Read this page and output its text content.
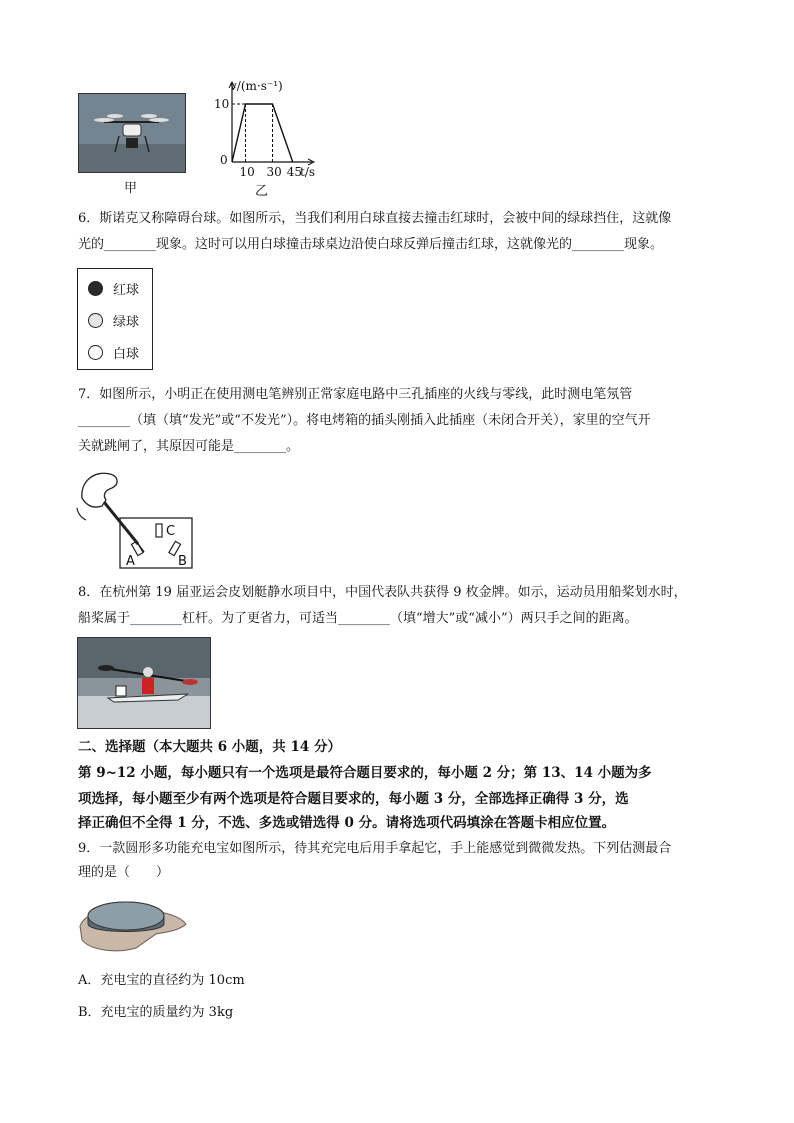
甲
v/(m·s⁻¹)
10
0
10 30 45
t/s
乙
6．斯诺克又称障碍台球。如图所示，当我们利用白球直接去撞击红球时，会被中间的绿球挡住，这就像
光的________现象。这时可以用白球撞击球桌边沿使白球反弹后撞击红球，这就像光的________现象。
红球
绿球
白球
7．如图所示，小明正在使用测电笔辨别正常家庭电路中三孔插座的火线与零线，此时测电笔氖管
________（填（填“发光”或“不发光”）。将电烤箱的插头刚插入此插座（未闭合开关），家里的空气开
关就跳闸了，其原因可能是________。
C
A	B
8．在杭州第 19 届亚运会皮划艇静水项目中，中国代表队共获得 9 枚金牌。如示，运动员用船桨划水时，
船桨属于________杠杆。为了更省力，可适当________（填“增大”或“减小”）两只手之间的距离。
二、选择题（本大题共 6 小题，共 14 分）
第 9~12 小题，每小题只有一个选项是最符合题目要求的，每小题 2 分；第 13、14 小题为多
项选择，每小题至少有两个选项是符合题目要求的，每小题 3 分，全部选择正确得 3 分，选
择正确但不全得 1 分，不选、多选或错选得 0 分。请将选项代码填涂在答题卡相应位置。
9．一款圆形多功能充电宝如图所示，待其充完电后用手拿起它，手上能感觉到微微发热。下列估测最合
理的是（　　）
A．充电宝的直径约为 10cm
B．充电宝的质量约为 3kg
